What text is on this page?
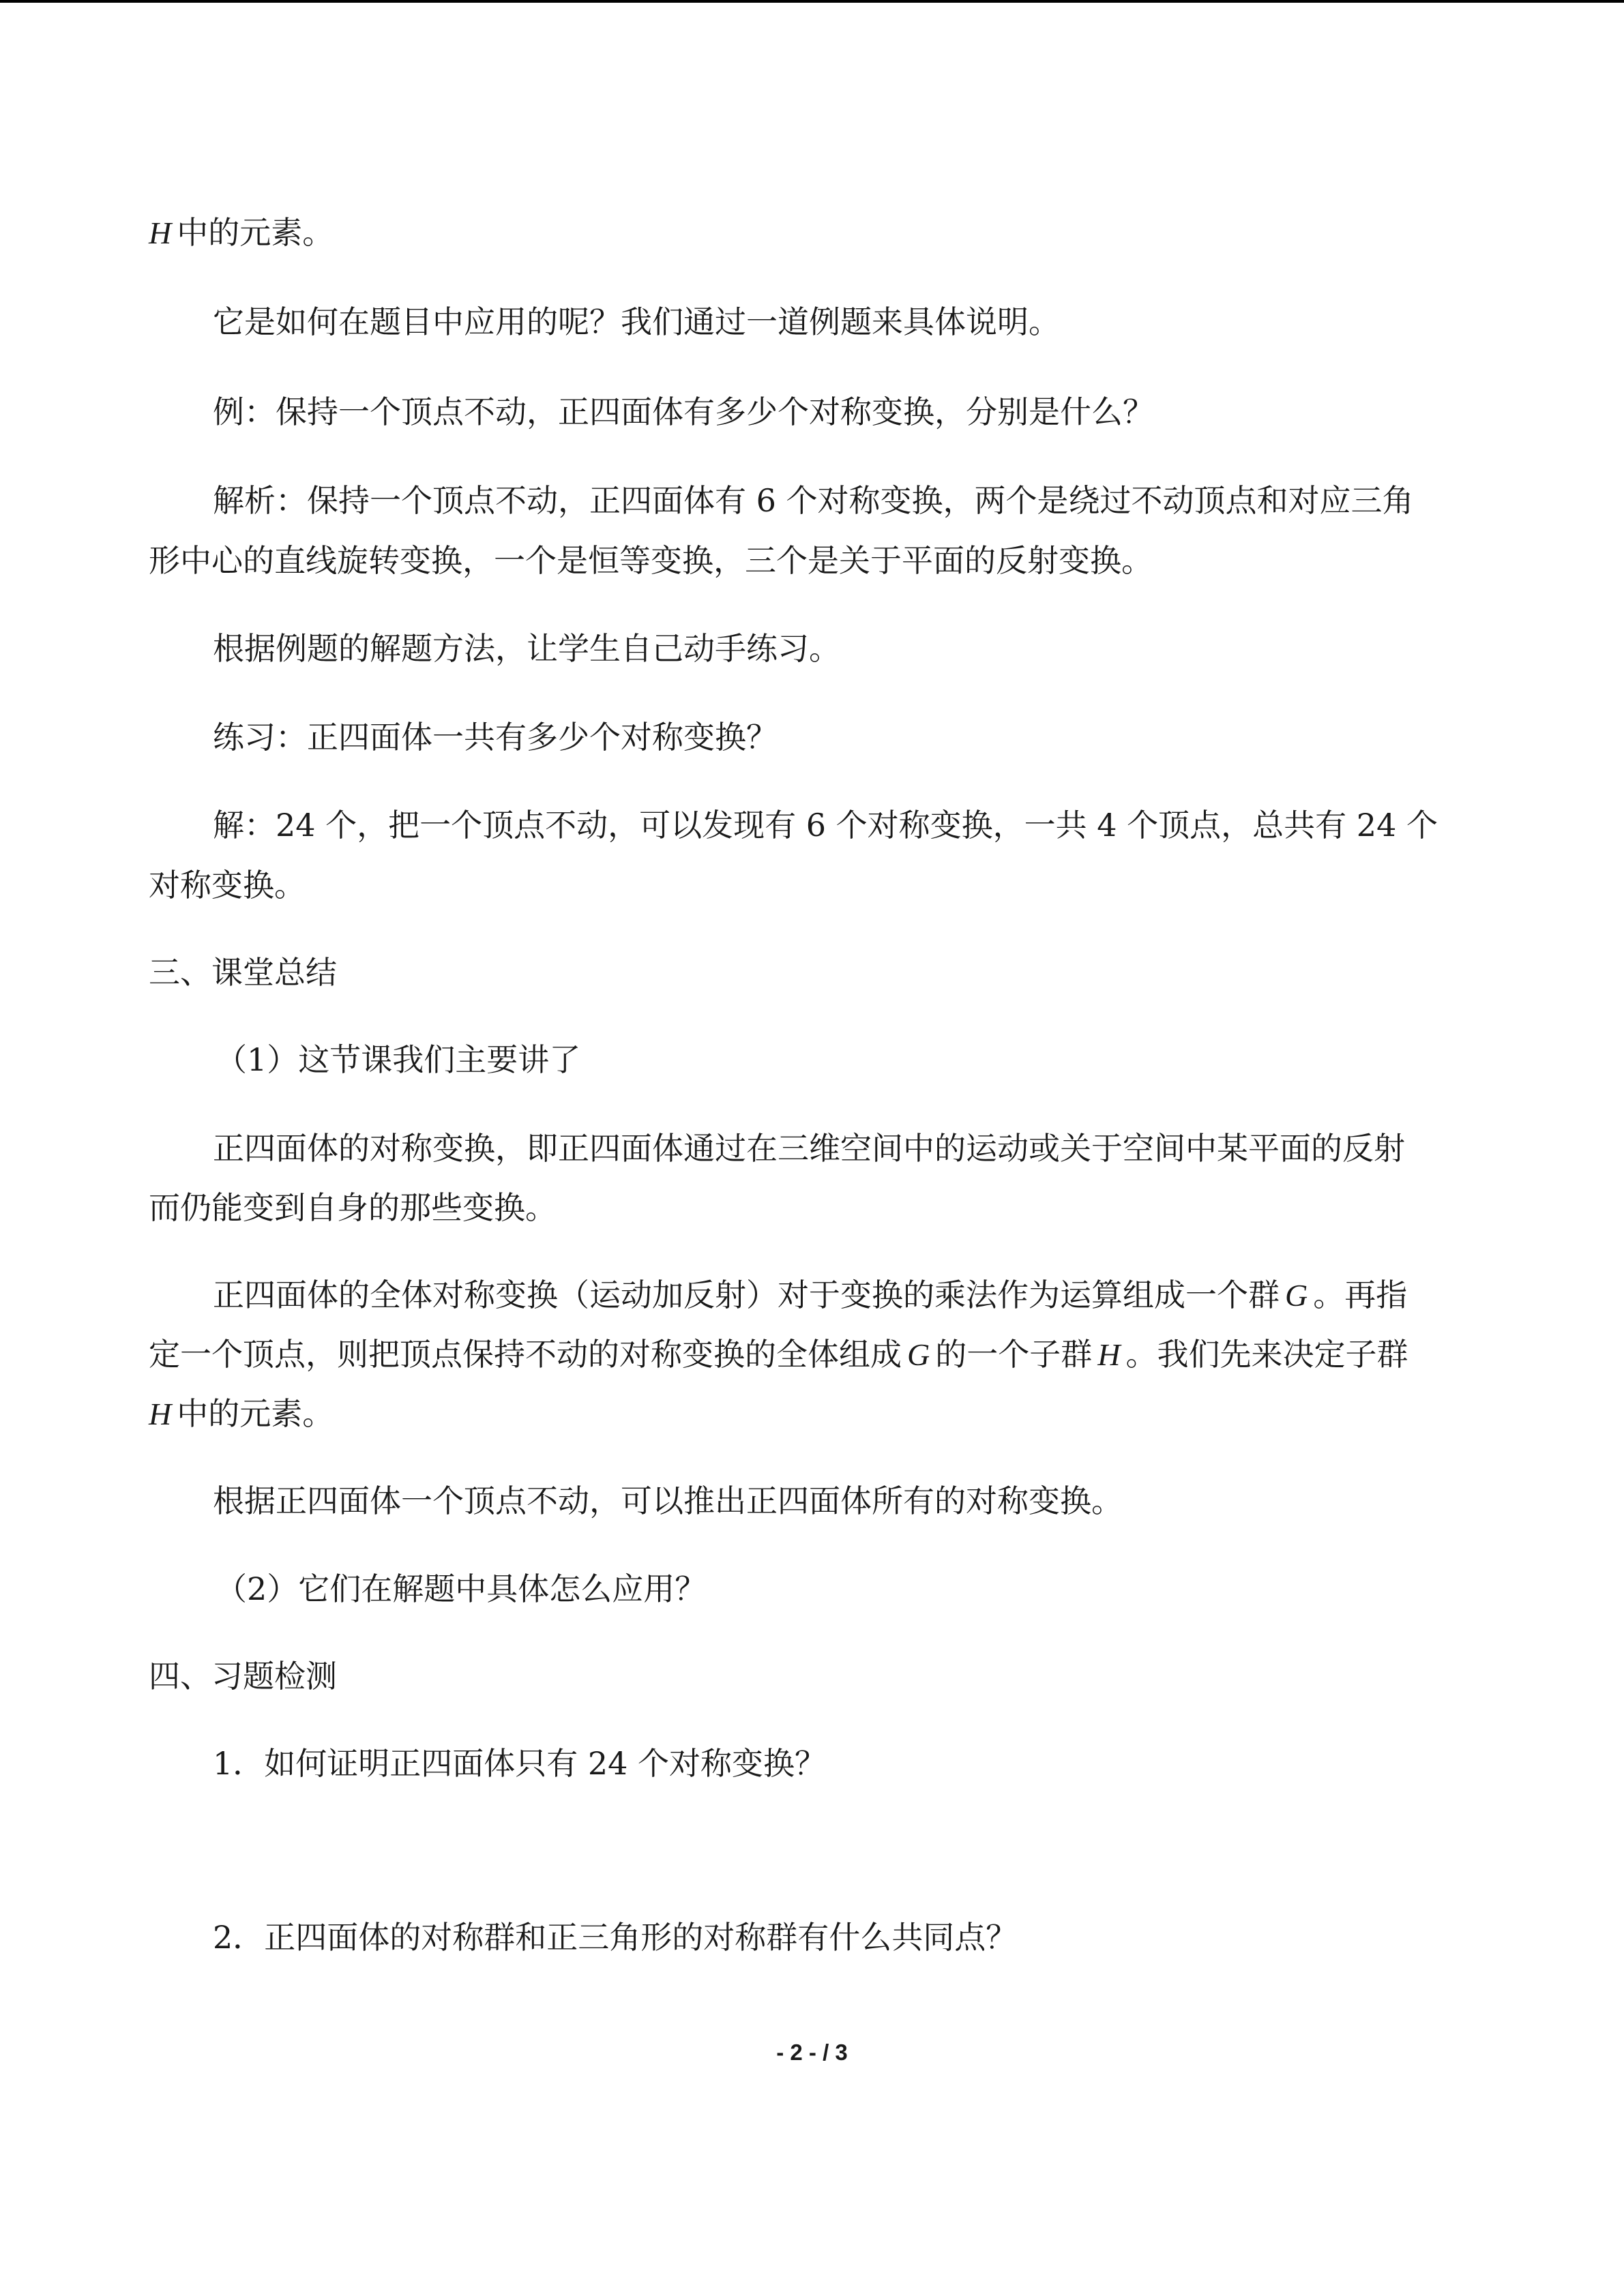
H 中的元素。
它是如何在题目中应用的呢？我们通过一道例题来具体说明。
例：保持一个顶点不动，正四面体有多少个对称变换，分别是什么？
解析：保持一个顶点不动，正四面体有 6 个对称变换，两个是绕过不动顶点和对应三角
形中心的直线旋转变换，一个是恒等变换，三个是关于平面的反射变换。
根据例题的解题方法，让学生自己动手练习。
练习：正四面体一共有多少个对称变换？
解：24 个，把一个顶点不动，可以发现有 6 个对称变换，一共 4 个顶点，总共有 24 个
对称变换。
三、课堂总结
（1）这节课我们主要讲了
正四面体的对称变换，即正四面体通过在三维空间中的运动或关于空间中某平面的反射
而仍能变到自身的那些变换。
正四面体的全体对称变换（运动加反射）对于变换的乘法作为运算组成一个群 G 。再指
定一个顶点，则把顶点保持不动的对称变换的全体组成 G 的一个子群 H 。我们先来决定子群
H 中的元素。
根据正四面体一个顶点不动，可以推出正四面体所有的对称变换。
（2）它们在解题中具体怎么应用？
四、习题检测
1．如何证明正四面体只有 24 个对称变换？
2．正四面体的对称群和正三角形的对称群有什么共同点？
- 2 - / 3
